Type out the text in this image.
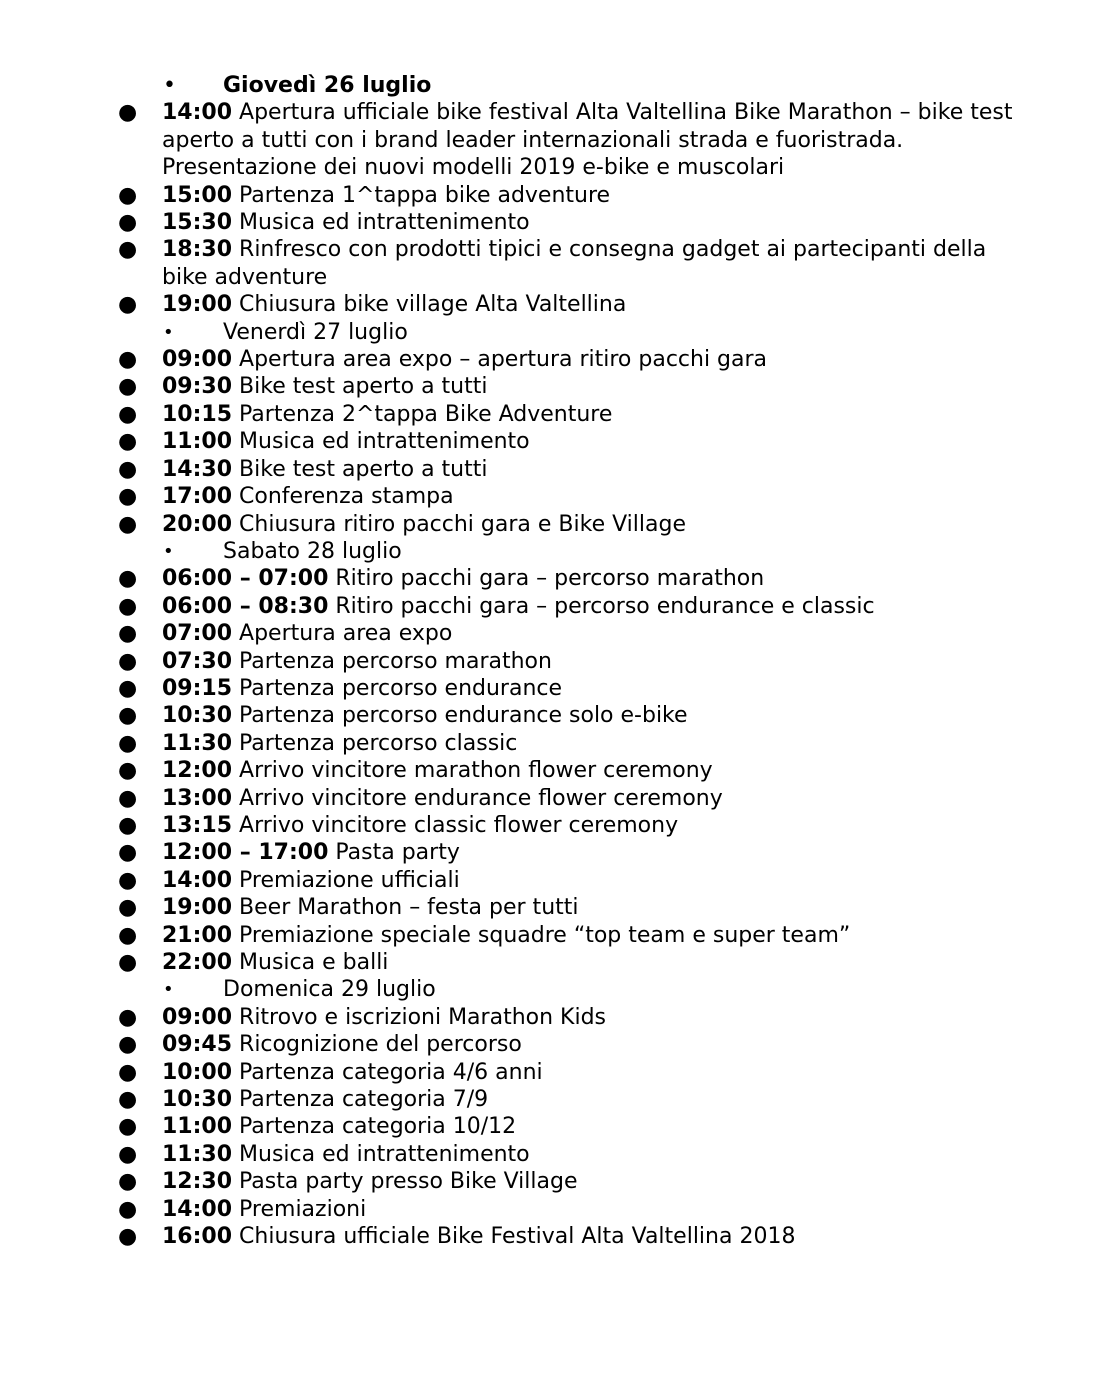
• Giovedì 26 luglio
● 14:00 Apertura ufficiale bike festival Alta Valtellina Bike Marathon – bike test aperto a tutti con i brand leader internazionali strada e fuoristrada. Presentazione dei nuovi modelli 2019 e-bike e muscolari
● 15:00 Partenza 1^tappa bike adventure
● 15:30 Musica ed intrattenimento
● 18:30 Rinfresco con prodotti tipici e consegna gadget ai partecipanti della bike adventure
● 19:00 Chiusura bike village Alta Valtellina
• Venerdì 27 luglio
● 09:00 Apertura area expo – apertura ritiro pacchi gara
● 09:30 Bike test aperto a tutti
● 10:15 Partenza 2^tappa Bike Adventure
● 11:00 Musica ed intrattenimento
● 14:30 Bike test aperto a tutti
● 17:00 Conferenza stampa
● 20:00 Chiusura ritiro pacchi gara e Bike Village
• Sabato 28 luglio
● 06:00 – 07:00 Ritiro pacchi gara – percorso marathon
● 06:00 – 08:30 Ritiro pacchi gara – percorso endurance e classic
● 07:00 Apertura area expo
● 07:30 Partenza percorso marathon
● 09:15 Partenza percorso endurance
● 10:30 Partenza percorso endurance solo e-bike
● 11:30 Partenza percorso classic
● 12:00 Arrivo vincitore marathon flower ceremony
● 13:00 Arrivo vincitore endurance flower ceremony
● 13:15 Arrivo vincitore classic flower ceremony
● 12:00 – 17:00 Pasta party
● 14:00 Premiazione ufficiali
● 19:00 Beer Marathon – festa per tutti
● 21:00 Premiazione speciale squadre “top team e super team”
● 22:00 Musica e balli
• Domenica 29 luglio
● 09:00 Ritrovo e iscrizioni Marathon Kids
● 09:45 Ricognizione del percorso
● 10:00 Partenza categoria 4/6 anni
● 10:30 Partenza categoria 7/9
● 11:00 Partenza categoria 10/12
● 11:30 Musica ed intrattenimento
● 12:30 Pasta party presso Bike Village
● 14:00 Premiazioni
● 16:00 Chiusura ufficiale Bike Festival Alta Valtellina 2018
